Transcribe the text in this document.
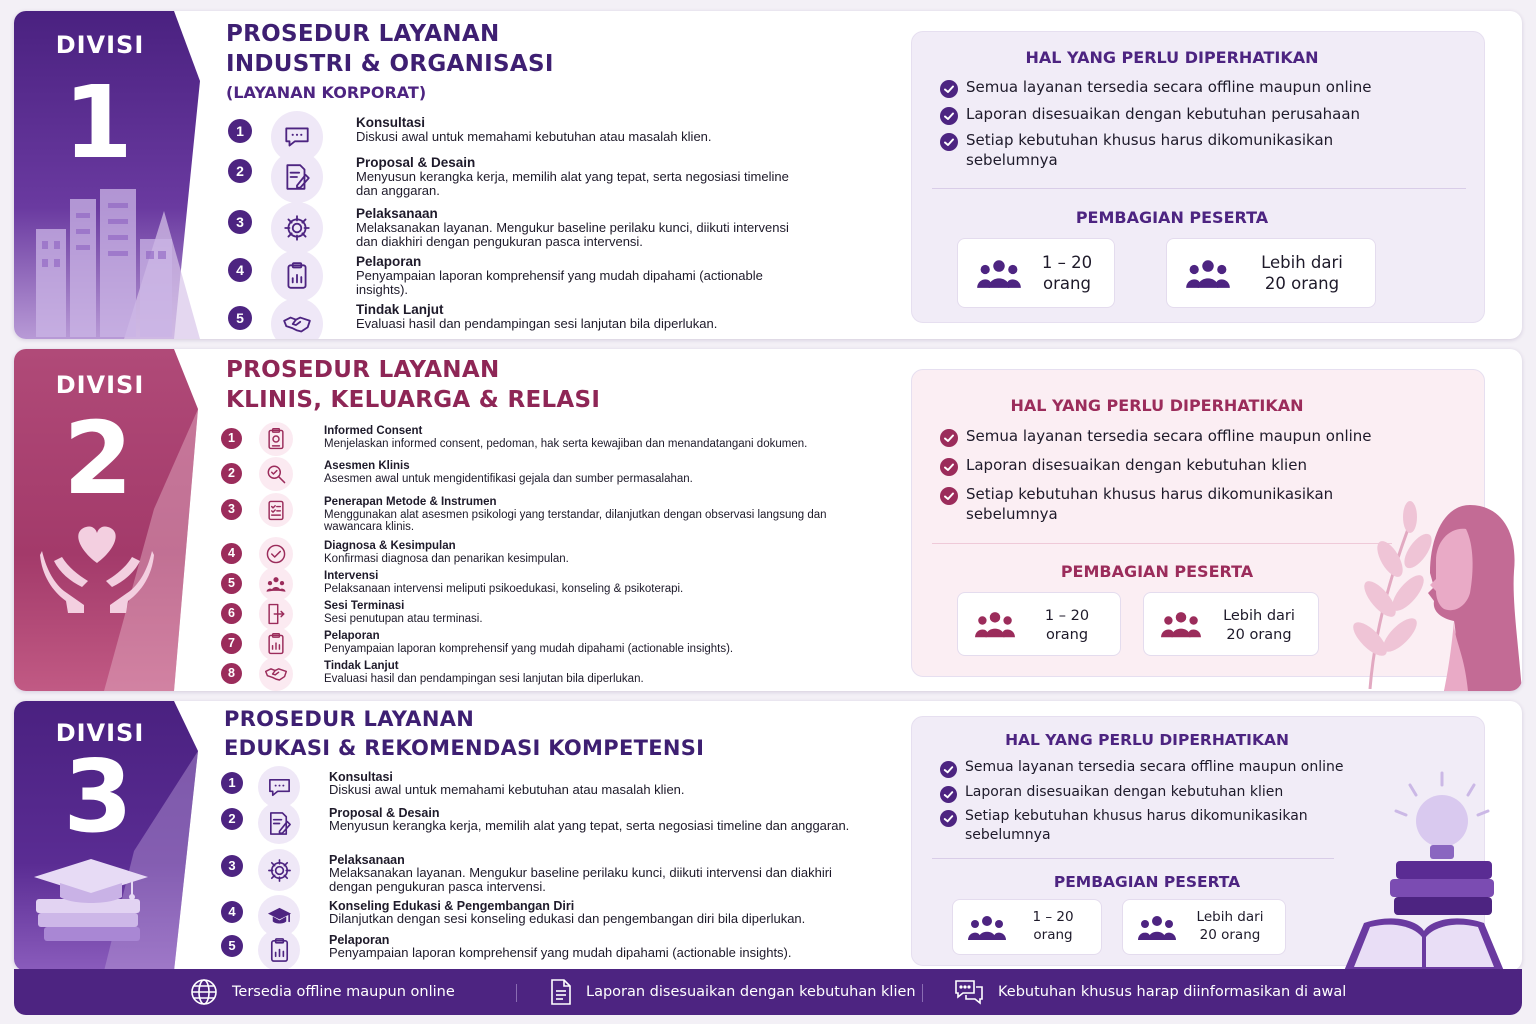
DIVISI
1
PROSEDUR LAYANAN
INDUSTRI & ORGANISASI
(LAYANAN KORPORAT)
1
Konsultasi
Diskusi awal untuk memahami kebutuhan atau masalah klien.
2
Proposal & Desain
Menyusun kerangka kerja, memilih alat yang tepat, serta negosiasi timeline dan anggaran.
3
Pelaksanaan
Melaksanakan layanan. Mengukur baseline perilaku kunci, diikuti intervensi dan diakhiri dengan pengukuran pasca intervensi.
4
Pelaporan
Penyampaian laporan komprehensif yang mudah dipahami (actionable insights).
5
Tindak Lanjut
Evaluasi hasil dan pendampingan sesi lanjutan bila diperlukan.
HAL YANG PERLU DIPERHATIKAN
Semua layanan tersedia secara offline maupun online
Laporan disesuaikan dengan kebutuhan perusahaan
Setiap kebutuhan khusus harus dikomunikasikan
sebelumnya
PEMBAGIAN PESERTA
1 – 20
orang
Lebih dari
20 orang
DIVISI
2
PROSEDUR LAYANAN
KLINIS, KELUARGA & RELASI
1	Informed Consent
Menjelaskan informed consent, pedoman, hak serta kewajiban dan menandatangani dokumen.
2	Asesmen Klinis
Asesmen awal untuk mengidentifikasi gejala dan sumber permasalahan.
3	Penerapan Metode & Instrumen
Menggunakan alat asesmen psikologi yang terstandar, dilanjutkan dengan observasi langsung dan wawancara klinis.
4	Diagnosa & Kesimpulan
Konfirmasi diagnosa dan penarikan kesimpulan.
5	Intervensi
Pelaksanaan intervensi meliputi psikoedukasi, konseling & psikoterapi.
6	Sesi Terminasi
Sesi penutupan atau terminasi.
7	Pelaporan
Penyampaian laporan komprehensif yang mudah dipahami (actionable insights).
8	Tindak Lanjut
Evaluasi hasil dan pendampingan sesi lanjutan bila diperlukan.
HAL YANG PERLU DIPERHATIKAN
Semua layanan tersedia secara offline maupun online
Laporan disesuaikan dengan kebutuhan klien
Setiap kebutuhan khusus harus dikomunikasikan
sebelumnya
PEMBAGIAN PESERTA
1 – 20
orang
Lebih dari
20 orang
DIVISI
3
PROSEDUR LAYANAN
EDUKASI & REKOMENDASI KOMPETENSI
1	Konsultasi
Diskusi awal untuk memahami kebutuhan atau masalah klien.
2	Proposal & Desain
Menyusun kerangka kerja, memilih alat yang tepat, serta negosiasi timeline dan anggaran.
3	Pelaksanaan
Melaksanakan layanan. Mengukur baseline perilaku kunci, diikuti intervensi dan diakhiri dengan pengukuran pasca intervensi.
4	Konseling Edukasi & Pengembangan Diri
Dilanjutkan dengan sesi konseling edukasi dan pengembangan diri bila diperlukan.
5	Pelaporan
Penyampaian laporan komprehensif yang mudah dipahami (actionable insights).
HAL YANG PERLU DIPERHATIKAN
Semua layanan tersedia secara offline maupun online
Laporan disesuaikan dengan kebutuhan klien
Setiap kebutuhan khusus harus dikomunikasikan
sebelumnya
PEMBAGIAN PESERTA
1 – 20
orang
Lebih dari
20 orang
Tersedia offline maupun online	Laporan disesuaikan dengan kebutuhan klien	Kebutuhan khusus harap diinformasikan di awal
